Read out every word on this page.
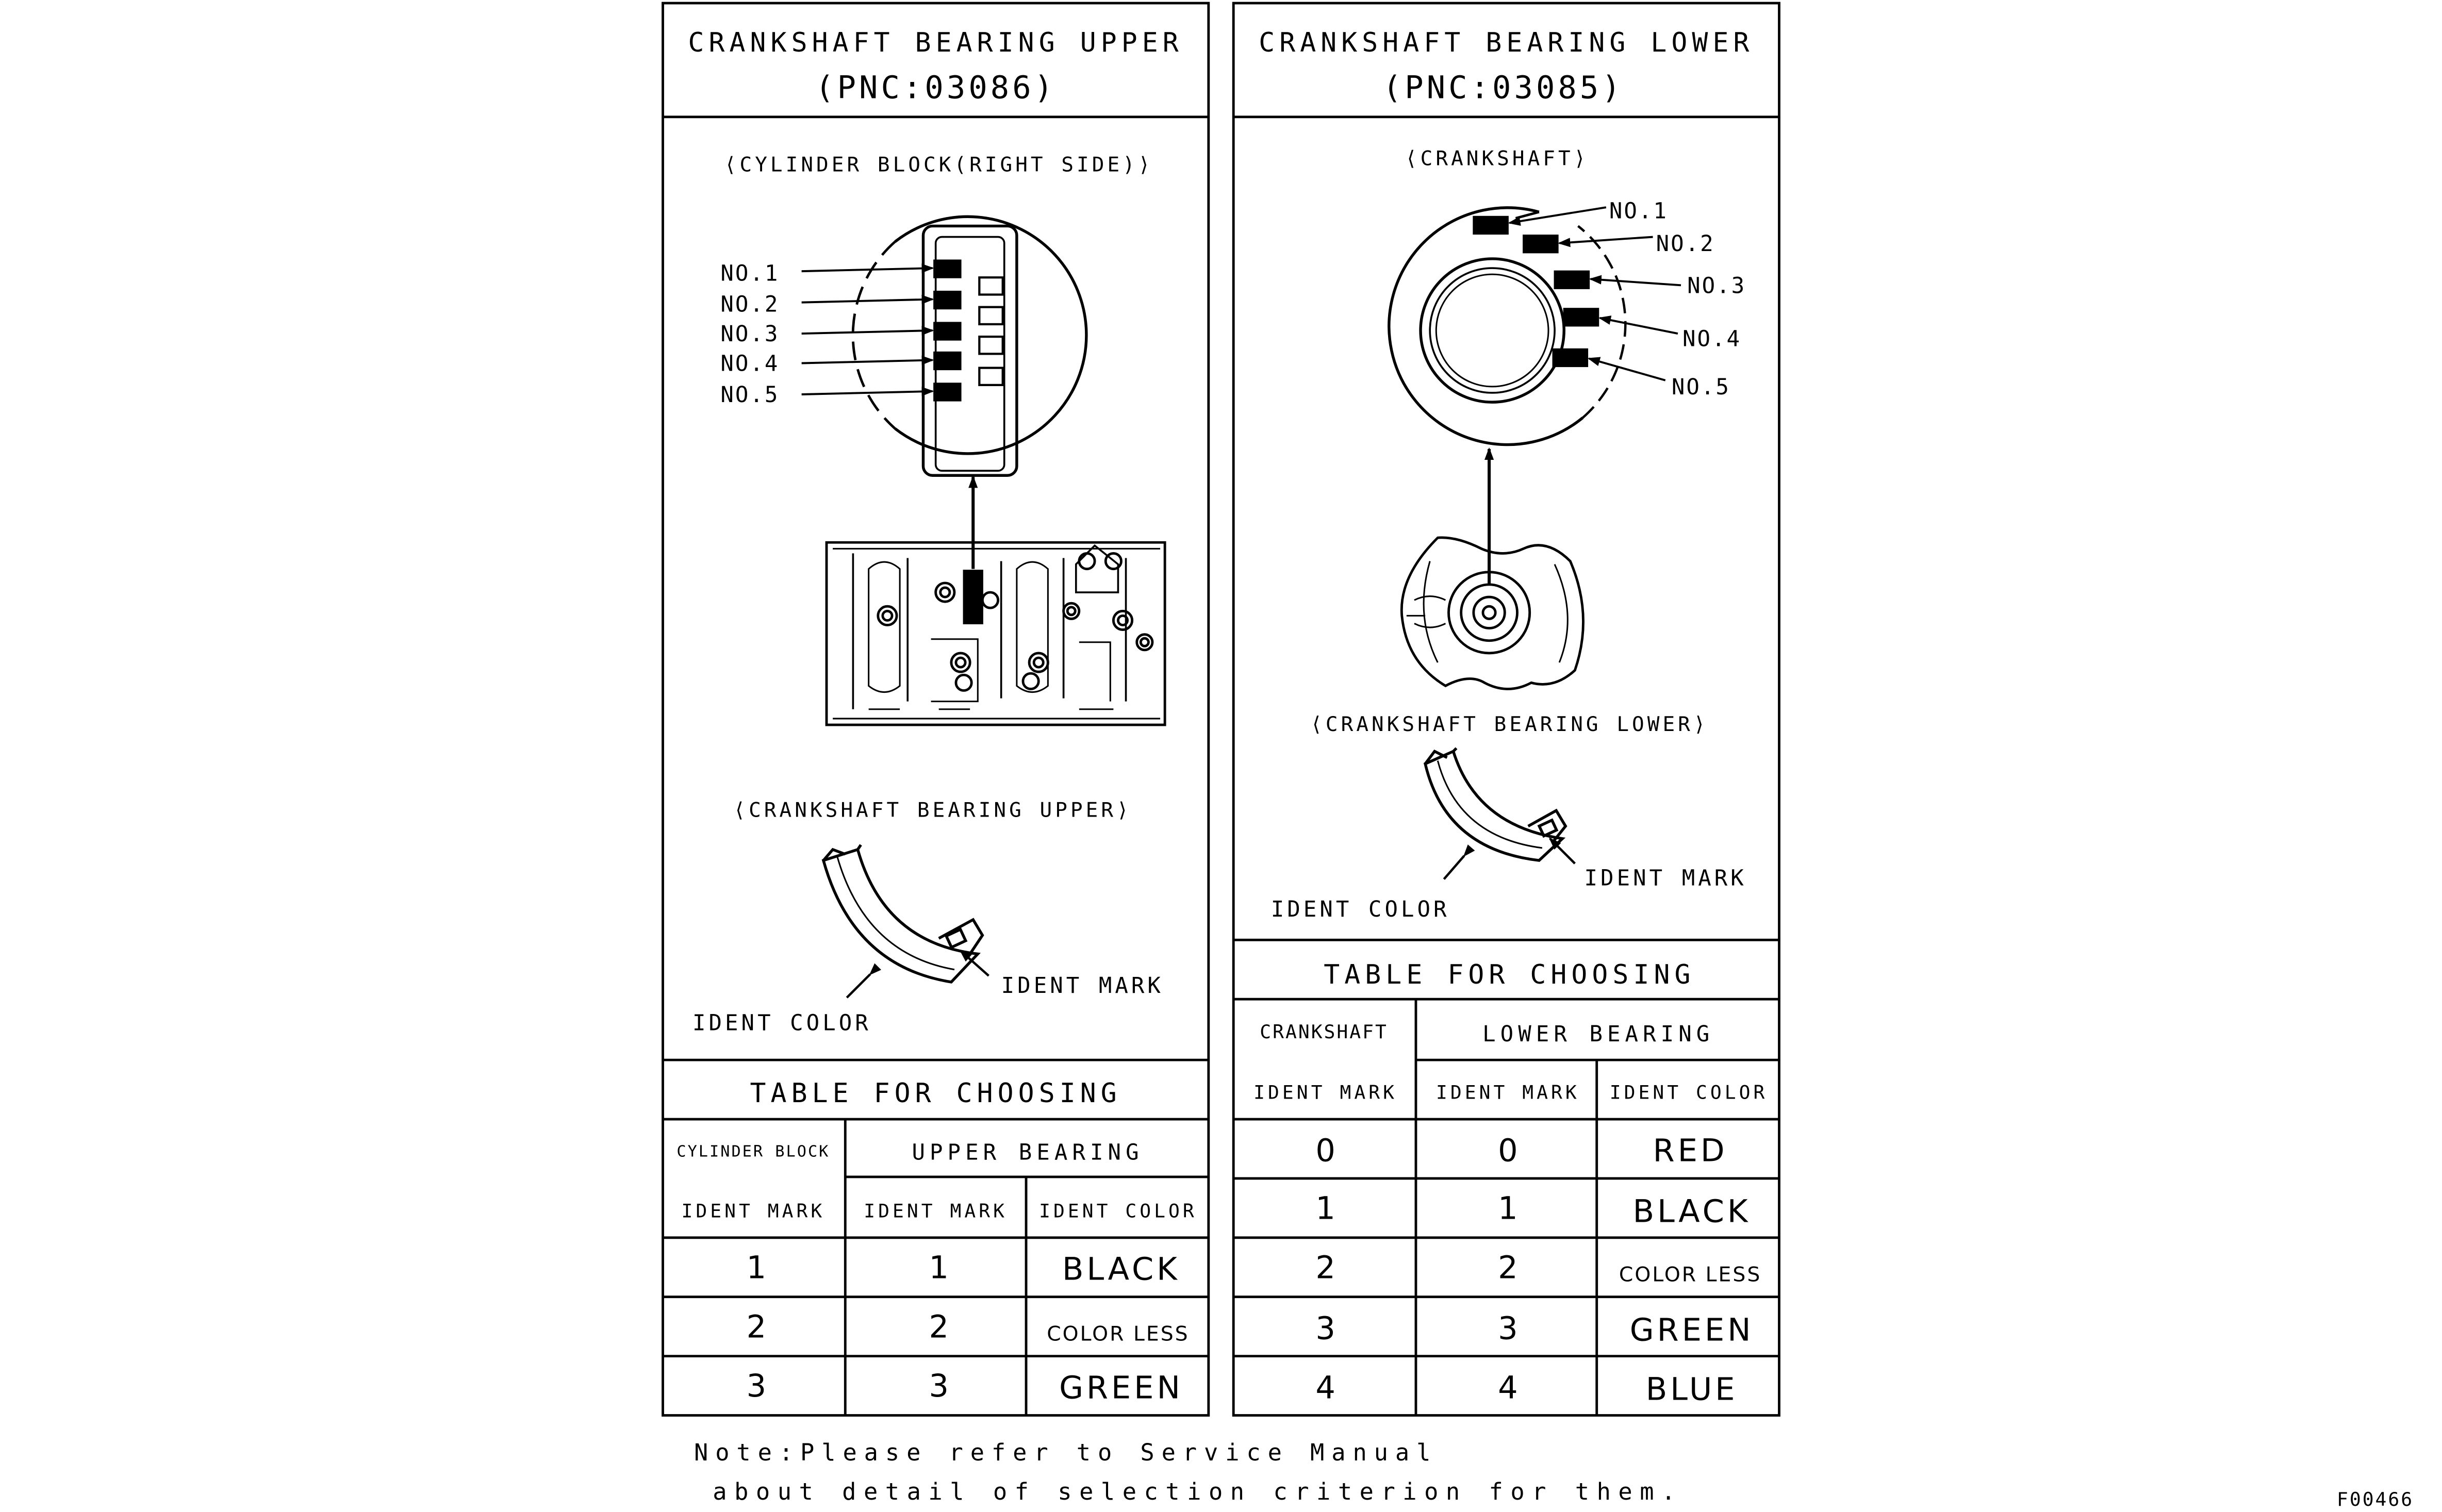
CRANKSHAFT BEARING UPPER
(PNC:03086)
⟨CYLINDER BLOCK(RIGHT SIDE)⟩
NO.1
NO.2
NO.3
NO.4
NO.5
⟨CRANKSHAFT BEARING UPPER⟩
IDENT MARK
IDENT COLOR
TABLE FOR CHOOSING
CYLINDER BLOCK
IDENT MARK
UPPER BEARING
IDENT MARK	IDENT COLOR
1	1	BLACK
2	2	COLOR LESS
3	3	GREEN
CRANKSHAFT BEARING LOWER
(PNC:03085)
⟨CRANKSHAFT⟩
NO.1
NO.2
NO.3
NO.4
NO.5
⟨CRANKSHAFT BEARING LOWER⟩
IDENT MARK
IDENT COLOR
TABLE FOR CHOOSING
CRANKSHAFT
IDENT MARK
LOWER BEARING
IDENT MARK	IDENT COLOR
0	0	RED
1	1	BLACK
2	2	COLOR LESS
3	3	GREEN
4	4	BLUE
Note:Please refer to Service Manual
about detail of selection criterion for them.	F00466
